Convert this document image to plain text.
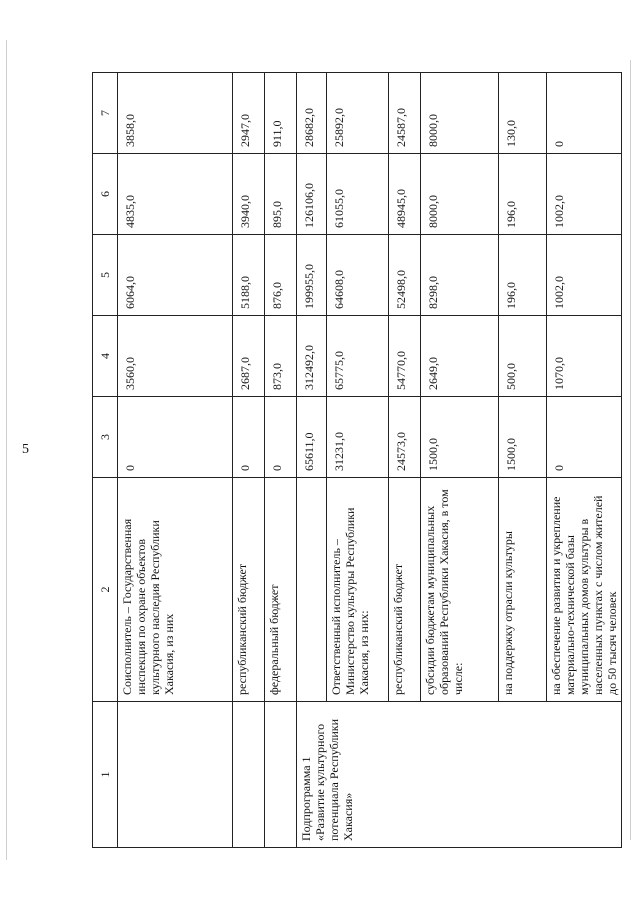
5
1	2	3	4	5	6	7
	Соисполнитель – Государственная инспекция по охране объектов культурного наследия Республики Хакасия, из них	0	3560,0	6064,0	4835,0	3858,0
	республиканский бюджет	0	2687,0	5188,0	3940,0	2947,0
	федеральный бюджет	0	873,0	876,0	895,0	911,0
Подпрограмма 1 «Развитие культурного потенциала Республики Хакасия»		65611,0	312492,0	199955,0	126106,0	28682,0
	Ответственный исполнитель – Министерство культуры Республики Хакасия, из них:	31231,0	65775,0	64608,0	61055,0	25892,0
	республиканский бюджет	24573,0	54770,0	52498,0	48945,0	24587,0
	субсидии бюджетам муниципальных образований Республики Хакасия, в том числе:	1500,0	2649,0	8298,0	8000,0	8000,0
	на поддержку отрасли культуры	1500,0	500,0	196,0	196,0	130,0
	на обеспечение развития и укрепление материально-технической базы муниципальных домов культуры в населенных пунктах с числом жителей до 50 тысяч человек	0	1070,0	1002,0	1002,0	0
